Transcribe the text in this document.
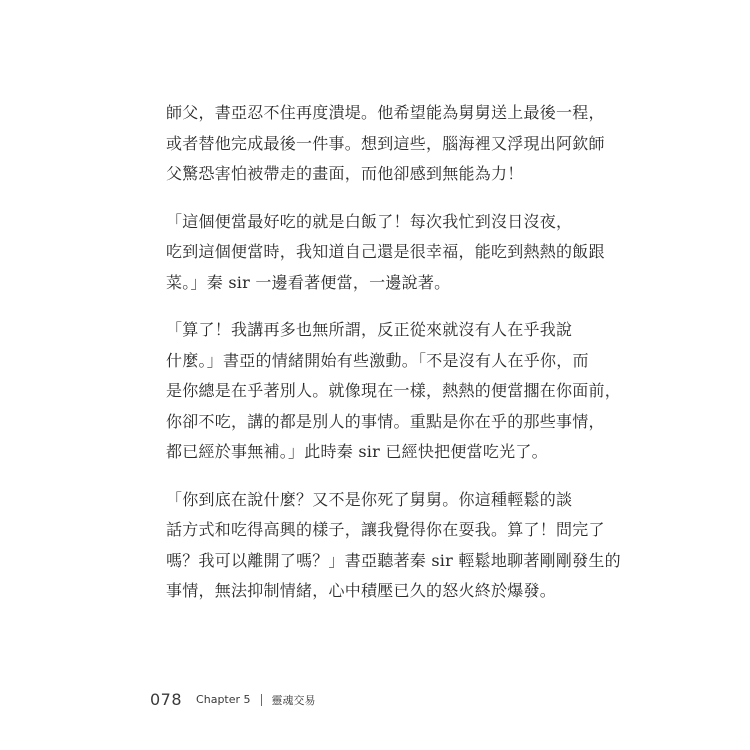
師父，書亞忍不住再度潰堤。他希望能為舅舅送上最後一程，
或者替他完成最後一件事。想到這些，腦海裡又浮現出阿欽師
父驚恐害怕被帶走的畫面，而他卻感到無能為力！

「這個便當最好吃的就是白飯了！每次我忙到沒日沒夜，
吃到這個便當時，我知道自己還是很幸福，能吃到熱熱的飯跟
菜。」秦 sir 一邊看著便當，一邊說著。

「算了！我講再多也無所謂，反正從來就沒有人在乎我說
什麼。」書亞的情緒開始有些激動。「不是沒有人在乎你，而
是你總是在乎著別人。就像現在一樣，熱熱的便當擱在你面前，
你卻不吃，講的都是別人的事情。重點是你在乎的那些事情，
都已經於事無補。」此時秦 sir 已經快把便當吃光了。

「你到底在說什麼？又不是你死了舅舅。你這種輕鬆的談
話方式和吃得高興的樣子，讓我覺得你在耍我。算了！問完了
嗎？我可以離開了嗎？」書亞聽著秦 sir 輕鬆地聊著剛剛發生的
事情，無法抑制情緒，心中積壓已久的怒火終於爆發。

078 Chapter 5 靈魂交易
